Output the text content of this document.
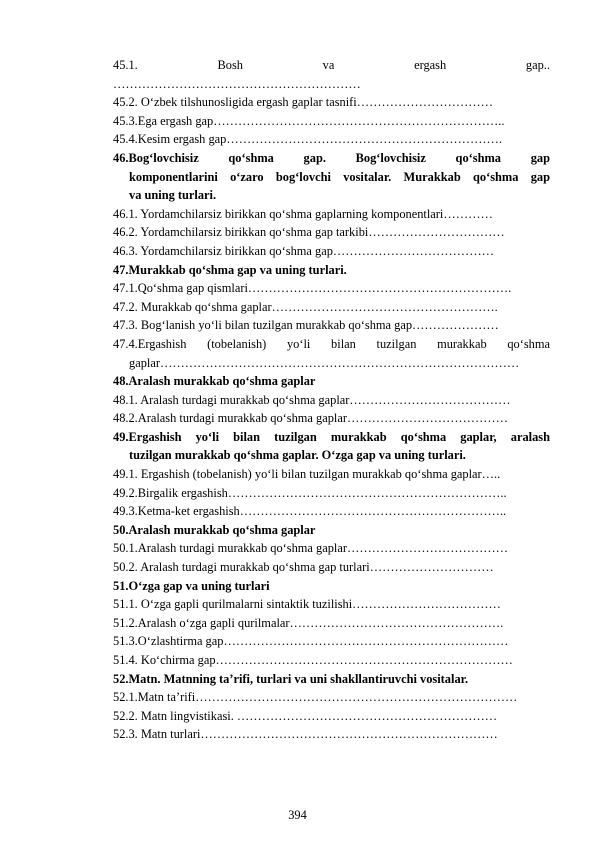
45.1.	Bosh	va	ergash	gap..
……………………………………………………
45.2. O‘zbek tilshunosligida ergash gaplar tasnifi……………………………
45.3.Ega ergash gap……………………………………………………………..
45.4.Kesim ergash gap………………………………………………………….
46.Bog‘lovchisiz qo‘shma gap. Bog‘lovchisiz qo‘shma gap
komponentlarini o‘zaro bog‘lovchi vositalar. Murakkab qo‘shma gap
va uning turlari.
46.1. Yordamchilarsiz birikkan qo‘shma gaplarning komponentlari…………
46.2. Yordamchilarsiz birikkan qo‘shma gap tarkibi……………………………
46.3. Yordamchilarsiz birikkan qo‘shma gap…………………………………
47.Murakkab qo‘shma gap va uning turlari.
47.1.Qo‘shma gap qismlari……………………………………………………….
47.2. Murakkab qo‘shma gaplar……………………………………………….
47.3. Bog‘lanish yo‘li bilan tuzilgan murakkab qo‘shma gap…………………
47.4.Ergashish (tobelanish) yo‘li bilan tuzilgan murakkab qo‘shma
gaplar……………………………………………………………………………
48.Aralash murakkab qo‘shma gaplar
48.1. Aralash turdagi murakkab qo‘shma gaplar…………………………………
48.2.Aralash turdagi murakkab qo‘shma gaplar…………………………………
49.Ergashish yo‘li bilan tuzilgan murakkab qo‘shma gaplar, aralash
tuzilgan murakkab qo‘shma gaplar. O‘zga gap va uning turlari.
49.1. Ergashish (tobelanish) yo‘li bilan tuzilgan murakkab qo‘shma gaplar…..
49.2.Birgalik ergashish…………………………………………………………..
49.3.Ketma-ket ergashish………………………………………………………..
50.Aralash murakkab qo‘shma gaplar
50.1.Aralash turdagi murakkab qo‘shma gaplar…………………………………
50.2. Aralash turdagi murakkab qo‘shma gap turlari…………………………
51.O‘zga gap va uning turlari
51.1. O‘zga gapli qurilmalarni sintaktik tuzilishi………………………………
51.2.Aralash o‘zga gapli qurilmalar…………………………………………….
51.3.O‘zlashtirma gap……………………………………………………………
51.4. Ko‘chirma gap………………………………………………………………
52.Matn. Matnning ta’rifi, turlari va uni shakllantiruvchi vositalar.
52.1.Matn ta’rifi……………………………………………………………………
52.2. Matn lingvistikasi. ………………………………………………………
52.3. Matn turlari………………………………………………………………
394
